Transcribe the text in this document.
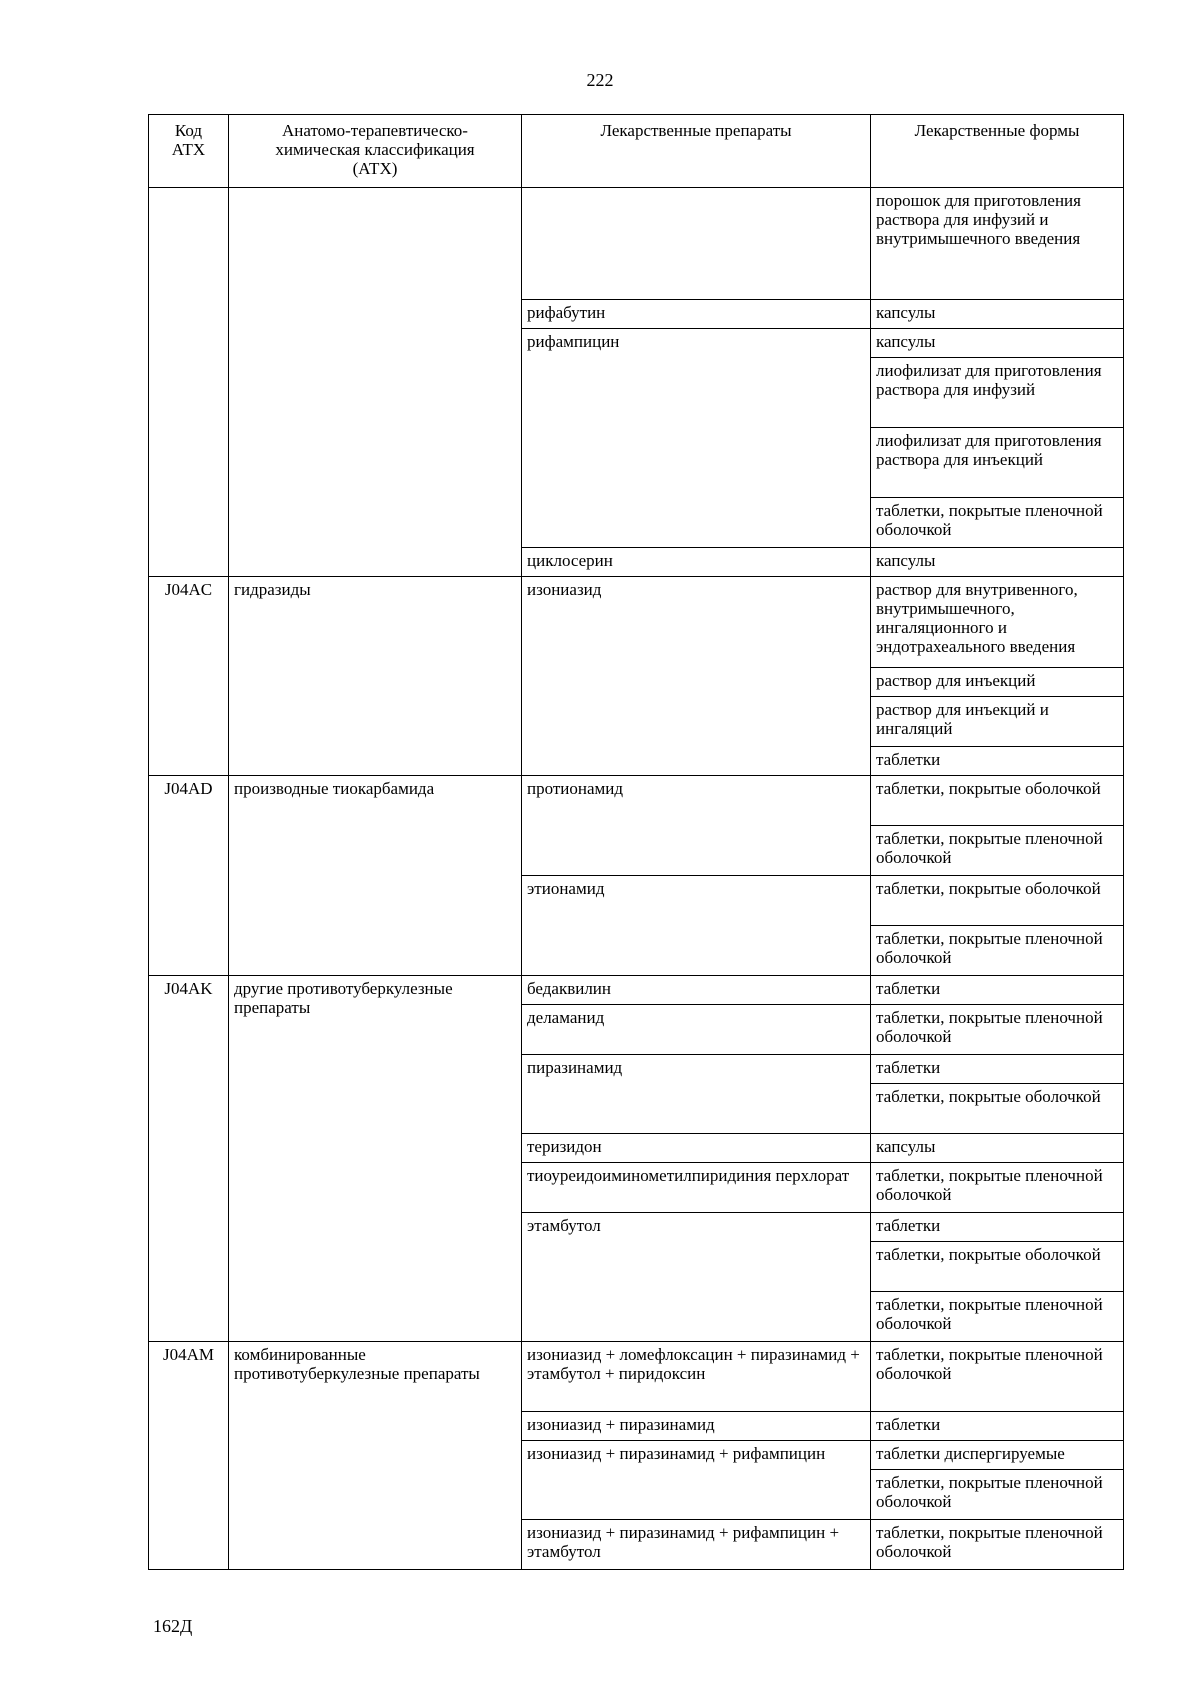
222
Код АТХ	Анатомо-терапевтическо-химическая классификация (АТХ)	Лекарственные препараты	Лекарственные формы
			порошок для приготовления раствора для инфузий и внутримышечного введения
		рифабутин	капсулы
		рифампицин	капсулы
			лиофилизат для приготовления раствора для инфузий
			лиофилизат для приготовления раствора для инъекций
			таблетки, покрытые пленочной оболочкой
		циклосерин	капсулы
J04AC	гидразиды	изониазид	раствор для внутривенного, внутримышечного, ингаляционного и эндотрахеального введения
			раствор для инъекций
			раствор для инъекций и ингаляций
			таблетки
J04AD	производные тиокарбамида	протионамид	таблетки, покрытые оболочкой
			таблетки, покрытые пленочной оболочкой
		этионамид	таблетки, покрытые оболочкой
			таблетки, покрытые пленочной оболочкой
J04AK	другие противотуберкулезные препараты	бедаквилин	таблетки
		деламанид	таблетки, покрытые пленочной оболочкой
		пиразинамид	таблетки
			таблетки, покрытые оболочкой
		теризидон	капсулы
		тиоуреидоиминометилпиридиния перхлорат	таблетки, покрытые пленочной оболочкой
		этамбутол	таблетки
			таблетки, покрытые оболочкой
			таблетки, покрытые пленочной оболочкой
J04AM	комбинированные противотуберкулезные препараты	изониазид + ломефлоксацин + пиразинамид + этамбутол + пиридоксин	таблетки, покрытые пленочной оболочкой
		изониазид + пиразинамид	таблетки
		изониазид + пиразинамид + рифампицин	таблетки диспергируемые
			таблетки, покрытые пленочной оболочкой
		изониазид + пиразинамид + рифампицин + этамбутол	таблетки, покрытые пленочной оболочкой
162Д
